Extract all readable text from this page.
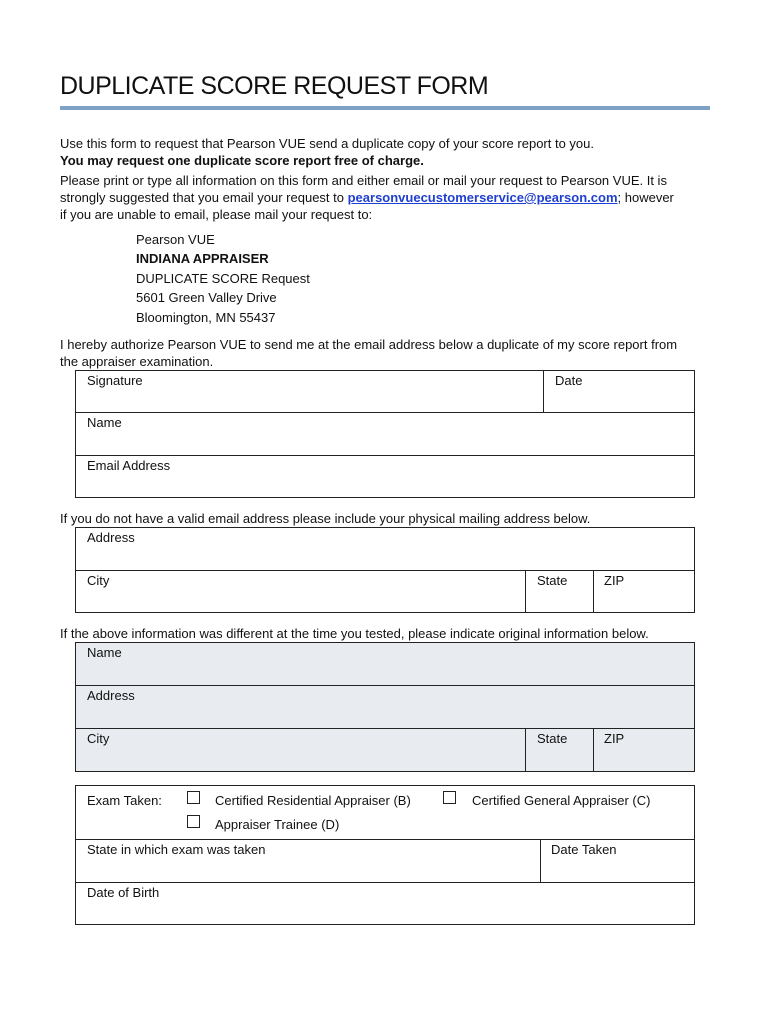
DUPLICATE SCORE REQUEST FORM
Use this form to request that Pearson VUE send a duplicate copy of your score report to you.
You may request one duplicate score report free of charge.
Please print or type all information on this form and either email or mail your request to Pearson VUE. It is
strongly suggested that you email your request to pearsonvuecustomerservice@pearson.com; however
if you are unable to email, please mail your request to:
Pearson VUE
INDIANA APPRAISER
DUPLICATE SCORE Request
5601 Green Valley Drive
Bloomington, MN 55437
I hereby authorize Pearson VUE to send me at the email address below a duplicate of my score report from
the appraiser examination.
Signature	Date
Name
Email Address
If you do not have a valid email address please include your physical mailing address below.
Address
City	State	ZIP
If the above information was different at the time you tested, please indicate original information below.
Name
Address
City	State	ZIP
Exam Taken:	Certified Residential Appraiser (B)	Certified General Appraiser (C)
Appraiser Trainee (D)
State in which exam was taken	Date Taken
Date of Birth
